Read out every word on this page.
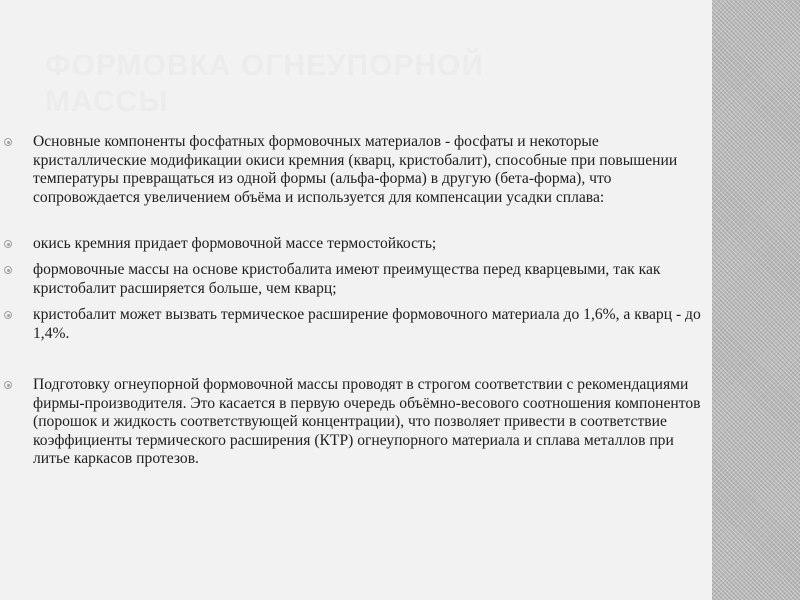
ФОРМОВКА ОГНЕУПОРНОЙ МАССЫ
Основные компоненты фосфатных формовочных материалов - фосфаты и некоторые кристаллические модификации окиси кремния (кварц, кристобалит), способные при повышении температуры превращаться из одной формы (альфа-форма) в другую (бета-форма), что сопровождается увеличением объёма и используется для компенсации усадки сплава:
окись кремния придает формовочной массе термостойкость;
формовочные массы на основе кристобалита имеют преимущества перед кварцевыми, так как кристобалит расширяется больше, чем кварц;
кристобалит может вызвать термическое расширение формовочного материала до 1,6%, а кварц - до 1,4%.
Подготовку огнеупорной формовочной массы проводят в строгом соответствии с рекомендациями фирмы-производителя. Это касается в первую очередь объёмно-весового соотношения компонентов (порошок и жидкость соответствующей концентрации), что позволяет привести в соответствие коэффициенты термического расширения (КТР) огнеупорного материала и сплава металлов при литье каркасов протезов.
